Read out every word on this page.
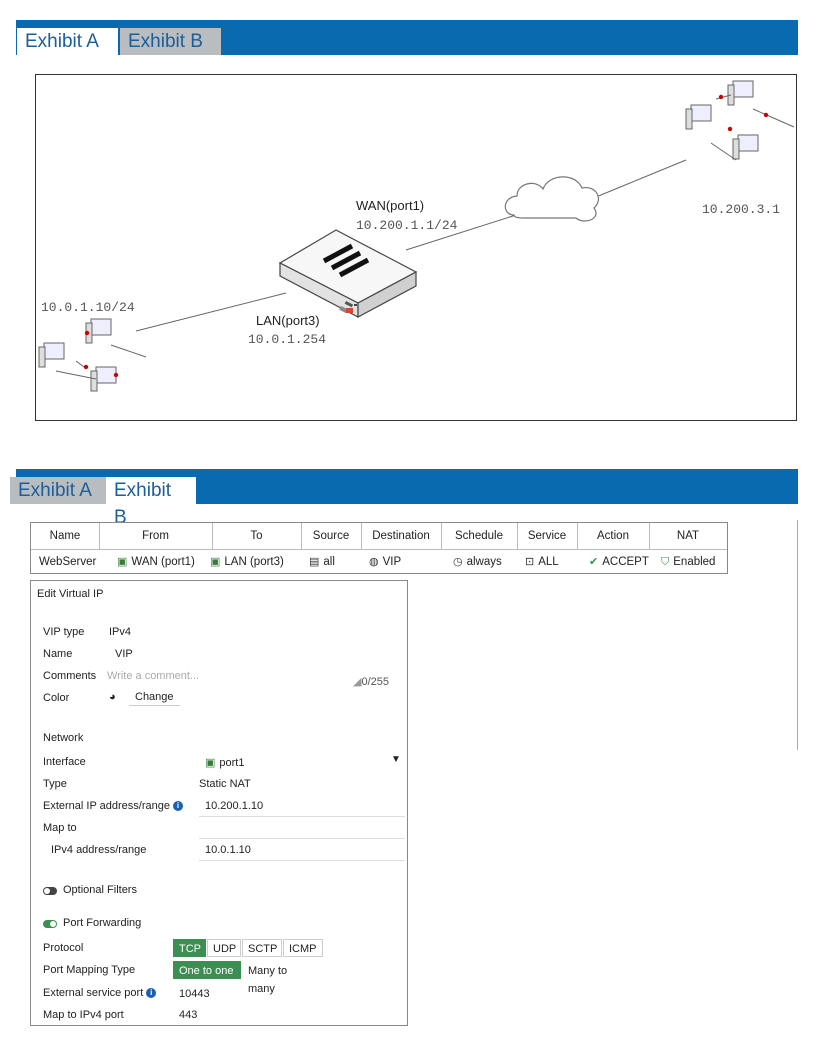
Exhibit A	Exhibit B
WAN(port1)
10.200.1.1/24
LAN(port3)
10.0.1.254
10.0.1.10/24
10.200.3.1
Exhibit A	Exhibit B
Name	From	To	Source	Destination	Schedule	Service	Action	NAT
WebServer	▣ WAN (port1)	▣ LAN (port3)	▤ all	◍ VIP	◷ always	⊡ ALL	✔ ACCEPT	⛉ Enabled
Edit Virtual IP
VIP type IPv4
Name	VIP
Comments Write a comment...	◢0/255
Color	◕	Change
Network
Interface	▣ port1	▼
Type	Static NAT
External IP address/range i	10.200.1.10
Map to
IPv4 address/range	10.0.1.10
Optional Filters
Port Forwarding
Protocol	TCP	UDP	SCTP	ICMP
Port Mapping Type	One to one	Many to many
External service port i	10443
Map to IPv4 port	443
